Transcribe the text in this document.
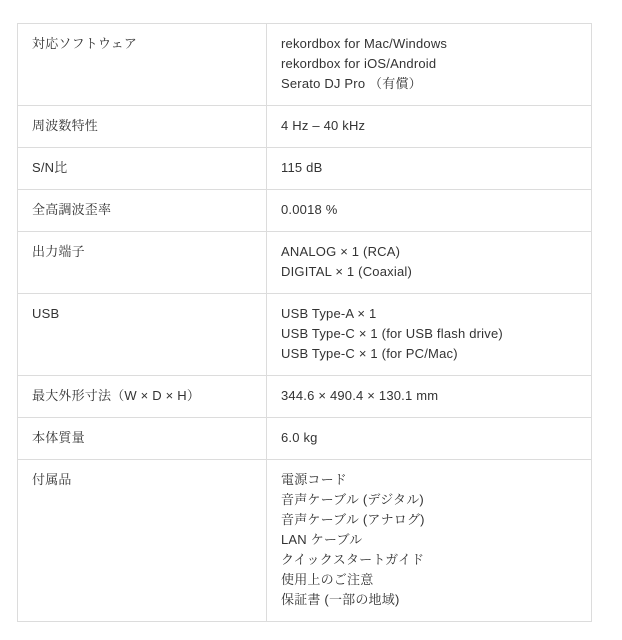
対応ソフトウェア	rekordbox for Mac/Windows
rekordbox for iOS/Android
Serato DJ Pro （有償）

周波数特性	4 Hz – 40 kHz

S/N比	115 dB

全高調波歪率	0.0018 %

出力端子	ANALOG × 1 (RCA)
DIGITAL × 1 (Coaxial)

USB	USB Type-A × 1
USB Type-C × 1 (for USB flash drive)
USB Type-C × 1 (for PC/Mac)

最大外形寸法（W × D × H）	344.6 × 490.4 × 130.1 mm

本体質量	6.0 kg

付属品	電源コード
音声ケーブル (デジタル)
音声ケーブル (アナログ)
LAN ケーブル
クイックスタートガイド
使用上のご注意
保証書 (一部の地域)
